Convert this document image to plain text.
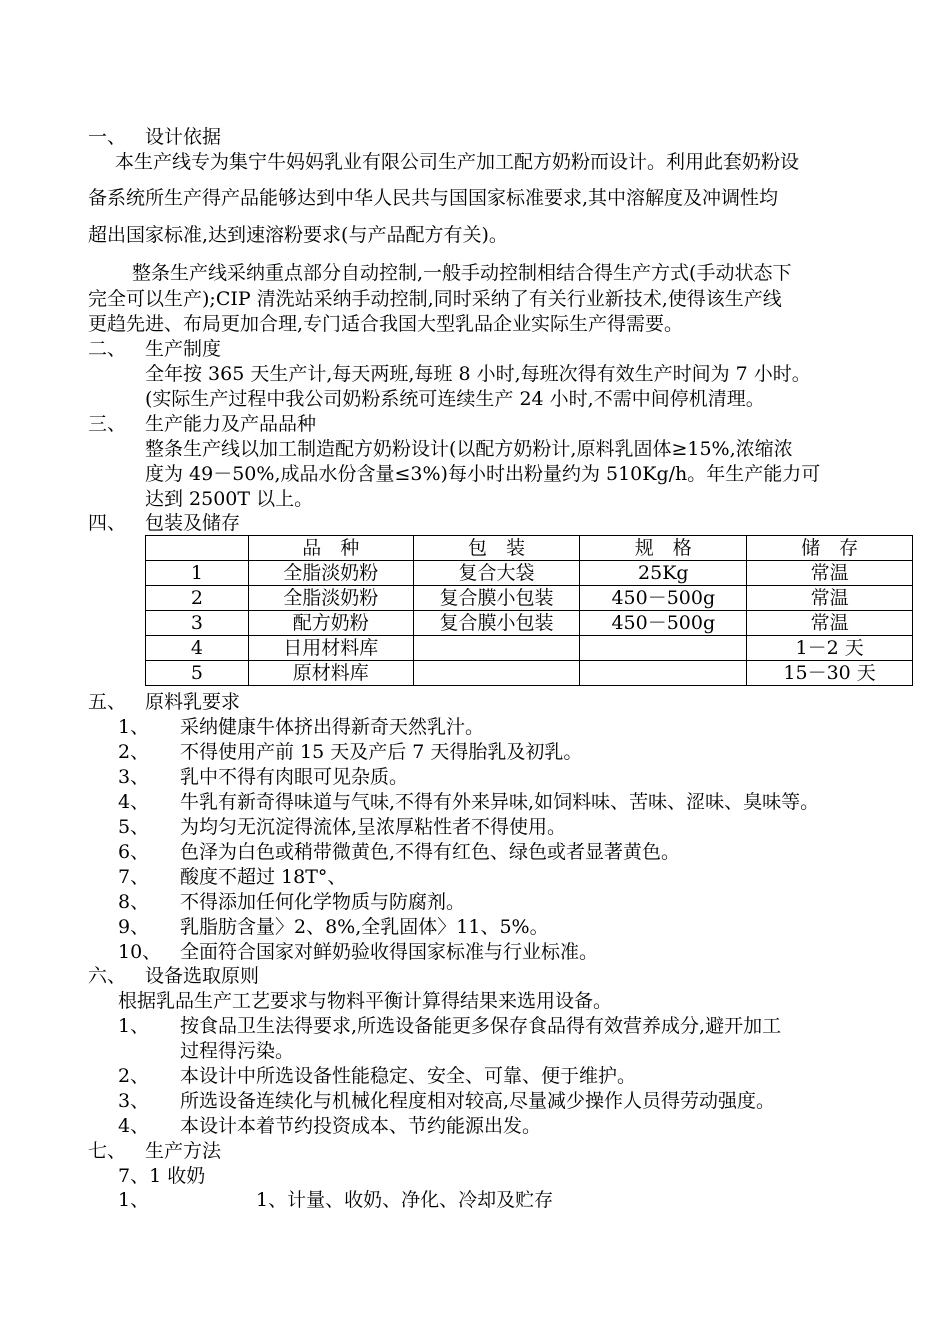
一、 设计依据
本生产线专为集宁牛妈妈乳业有限公司生产加工配方奶粉而设计。利用此套奶粉设
备系统所生产得产品能够达到中华人民共与国国家标准要求,其中溶解度及冲调性均
超出国家标准,达到速溶粉要求(与产品配方有关)。
整条生产线采纳重点部分自动控制,一般手动控制相结合得生产方式(手动状态下
完全可以生产);CIP 清洗站采纳手动控制,同时采纳了有关行业新技术,使得该生产线
更趋先进、布局更加合理,专门适合我国大型乳品企业实际生产得需要。
二、 生产制度
全年按 365 天生产计,每天两班,每班 8 小时,每班次得有效生产时间为 7 小时。
(实际生产过程中我公司奶粉系统可连续生产 24 小时,不需中间停机清理。
三、 生产能力及产品品种
整条生产线以加工制造配方奶粉设计(以配方奶粉计,原料乳固体≥15%,浓缩浓
度为 49－50%,成品水份含量≤3%)每小时出粉量约为 510Kg/h。年生产能力可
达到 2500T 以上。
四、 包装及储存
	品　种	包　装	规　格	储　存
1	全脂淡奶粉	复合大袋	25Kg	常温
2	全脂淡奶粉	复合膜小包装	450－500g	常温
3	配方奶粉	复合膜小包装	450－500g	常温
4	日用材料库			1－2 天
5	原材料库			15－30 天
五、 原料乳要求
1、 采纳健康牛体挤出得新奇天然乳汁。
2、 不得使用产前 15 天及产后 7 天得胎乳及初乳。
3、 乳中不得有肉眼可见杂质。
4、 牛乳有新奇得味道与气味,不得有外来异味,如饲料味、苦味、涩味、臭味等。
5、 为均匀无沉淀得流体,呈浓厚粘性者不得使用。
6、 色泽为白色或稍带微黄色,不得有红色、绿色或者显著黄色。
7、 酸度不超过 18T°、
8、 不得添加任何化学物质与防腐剂。
9、 乳脂肪含量〉2、8%,全乳固体〉11、5%。
10、 全面符合国家对鲜奶验收得国家标准与行业标准。
六、 设备选取原则
根据乳品生产工艺要求与物料平衡计算得结果来选用设备。
1、 按食品卫生法得要求,所选设备能更多保存食品得有效营养成分,避开加工
过程得污染。
2、 本设计中所选设备性能稳定、安全、可靠、便于维护。
3、 所选设备连续化与机械化程度相对较高,尽量减少操作人员得劳动强度。
4、 本设计本着节约投资成本、节约能源出发。
七、 生产方法
7、1 收奶
1、	1、计量、收奶、净化、冷却及贮存
